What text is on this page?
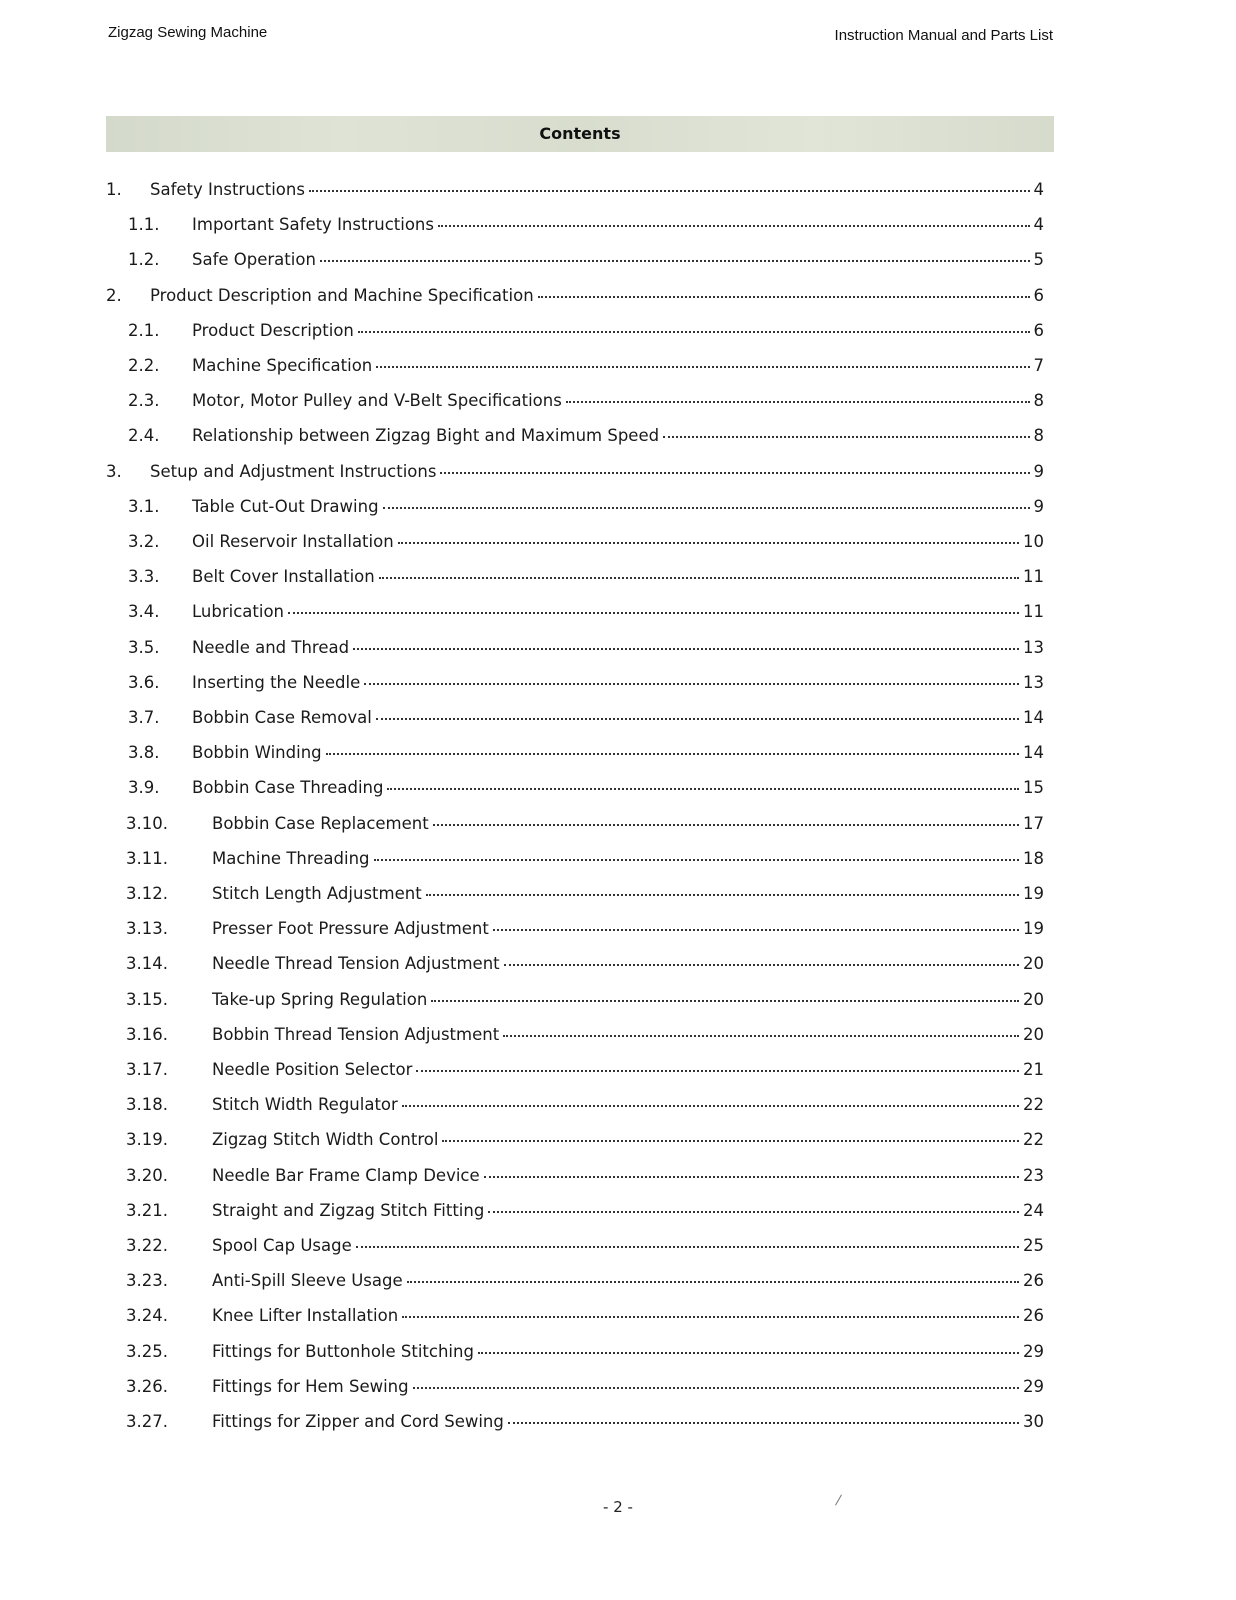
Zigzag Sewing Machine	Instruction Manual and Parts List
Contents
1.	Safety Instructions	4
1.1.	Important Safety Instructions	4
1.2.	Safe Operation	5
2.	Product Description and Machine Specification	6
2.1.	Product Description	6
2.2.	Machine Specification	7
2.3.	Motor, Motor Pulley and V-Belt Specifications	8
2.4.	Relationship between Zigzag Bight and Maximum Speed	8
3.	Setup and Adjustment Instructions	9
3.1.	Table Cut-Out Drawing	9
3.2.	Oil Reservoir Installation	10
3.3.	Belt Cover Installation	11
3.4.	Lubrication	11
3.5.	Needle and Thread	13
3.6.	Inserting the Needle	13
3.7.	Bobbin Case Removal	14
3.8.	Bobbin Winding	14
3.9.	Bobbin Case Threading	15
3.10.	Bobbin Case Replacement	17
3.11.	Machine Threading	18
3.12.	Stitch Length Adjustment	19
3.13.	Presser Foot Pressure Adjustment	19
3.14.	Needle Thread Tension Adjustment	20
3.15.	Take-up Spring Regulation	20
3.16.	Bobbin Thread Tension Adjustment	20
3.17.	Needle Position Selector	21
3.18.	Stitch Width Regulator	22
3.19.	Zigzag Stitch Width Control	22
3.20.	Needle Bar Frame Clamp Device	23
3.21.	Straight and Zigzag Stitch Fitting	24
3.22.	Spool Cap Usage	25
3.23.	Anti-Spill Sleeve Usage	26
3.24.	Knee Lifter Installation	26
3.25.	Fittings for Buttonhole Stitching	29
3.26.	Fittings for Hem Sewing	29
3.27.	Fittings for Zipper and Cord Sewing	30
- 2 -
